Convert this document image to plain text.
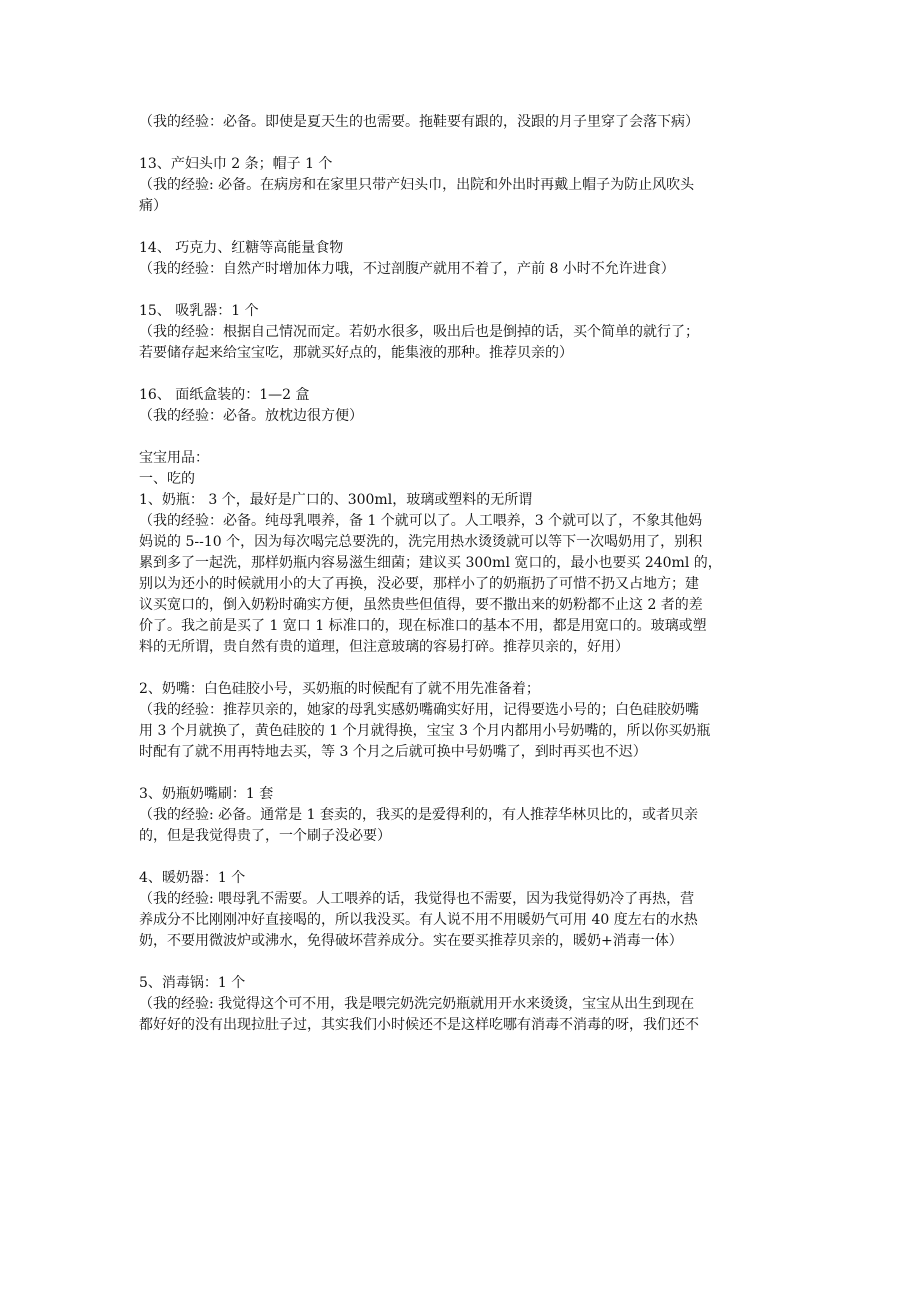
（我的经验：必备。即使是夏天生的也需要。拖鞋要有跟的，没跟的月子里穿了会落下病）

13、产妇头巾 2 条；帽子 1 个

（我的经验: 必备。在病房和在家里只带产妇头巾，出院和外出时再戴上帽子为防止风吹头

痛）

14、 巧克力、红糖等高能量食物

（我的经验：自然产时增加体力哦，不过剖腹产就用不着了，产前 8 小时不允许进食）

15、 吸乳器：1 个

（我的经验：根据自己情况而定。若奶水很多，吸出后也是倒掉的话，买个简单的就行了；

若要储存起来给宝宝吃，那就买好点的，能集液的那种。推荐贝亲的）

16、 面纸盒装的：1—2 盒

（我的经验：必备。放枕边很方便）

宝宝用品：

一、吃的

1、奶瓶： 3 个，最好是广口的、300ml，玻璃或塑料的无所谓

（我的经验：必备。纯母乳喂养，备 1 个就可以了。人工喂养，3 个就可以了，不象其他妈

妈说的 5--10 个，因为每次喝完总要洗的，洗完用热水烫烫就可以等下一次喝奶用了，别积

累到多了一起洗，那样奶瓶内容易滋生细菌；建议买 300ml 宽口的，最小也要买 240ml 的，

别以为还小的时候就用小的大了再换，没必要，那样小了的奶瓶扔了可惜不扔又占地方；建

议买宽口的，倒入奶粉时确实方便，虽然贵些但值得，要不撒出来的奶粉都不止这 2 者的差

价了。我之前是买了 1 宽口 1 标准口的，现在标准口的基本不用，都是用宽口的。玻璃或塑

料的无所谓，贵自然有贵的道理，但注意玻璃的容易打碎。推荐贝亲的，好用）

2、奶嘴：白色硅胶小号，买奶瓶的时候配有了就不用先准备着；

（我的经验：推荐贝亲的，她家的母乳实感奶嘴确实好用，记得要选小号的；白色硅胶奶嘴

用 3 个月就换了，黄色硅胶的 1 个月就得换，宝宝 3 个月内都用小号奶嘴的，所以你买奶瓶

时配有了就不用再特地去买，等 3 个月之后就可换中号奶嘴了，到时再买也不迟）

3、奶瓶奶嘴刷：1 套

（我的经验: 必备。通常是 1 套卖的，我买的是爱得利的，有人推荐华林贝比的，或者贝亲

的，但是我觉得贵了，一个刷子没必要）

4、暖奶器：1 个

（我的经验: 喂母乳不需要。人工喂养的话，我觉得也不需要，因为我觉得奶冷了再热，营

养成分不比刚刚冲好直接喝的，所以我没买。有人说不用不用暖奶气可用 40 度左右的水热

奶，不要用微波炉或沸水，免得破坏营养成分。实在要买推荐贝亲的，暖奶+消毒一体）

5、消毒锅：1 个

（我的经验: 我觉得这个可不用，我是喂完奶洗完奶瓶就用开水来烫烫，宝宝从出生到现在

都好好的没有出现拉肚子过，其实我们小时候还不是这样吃哪有消毒不消毒的呀，我们还不
